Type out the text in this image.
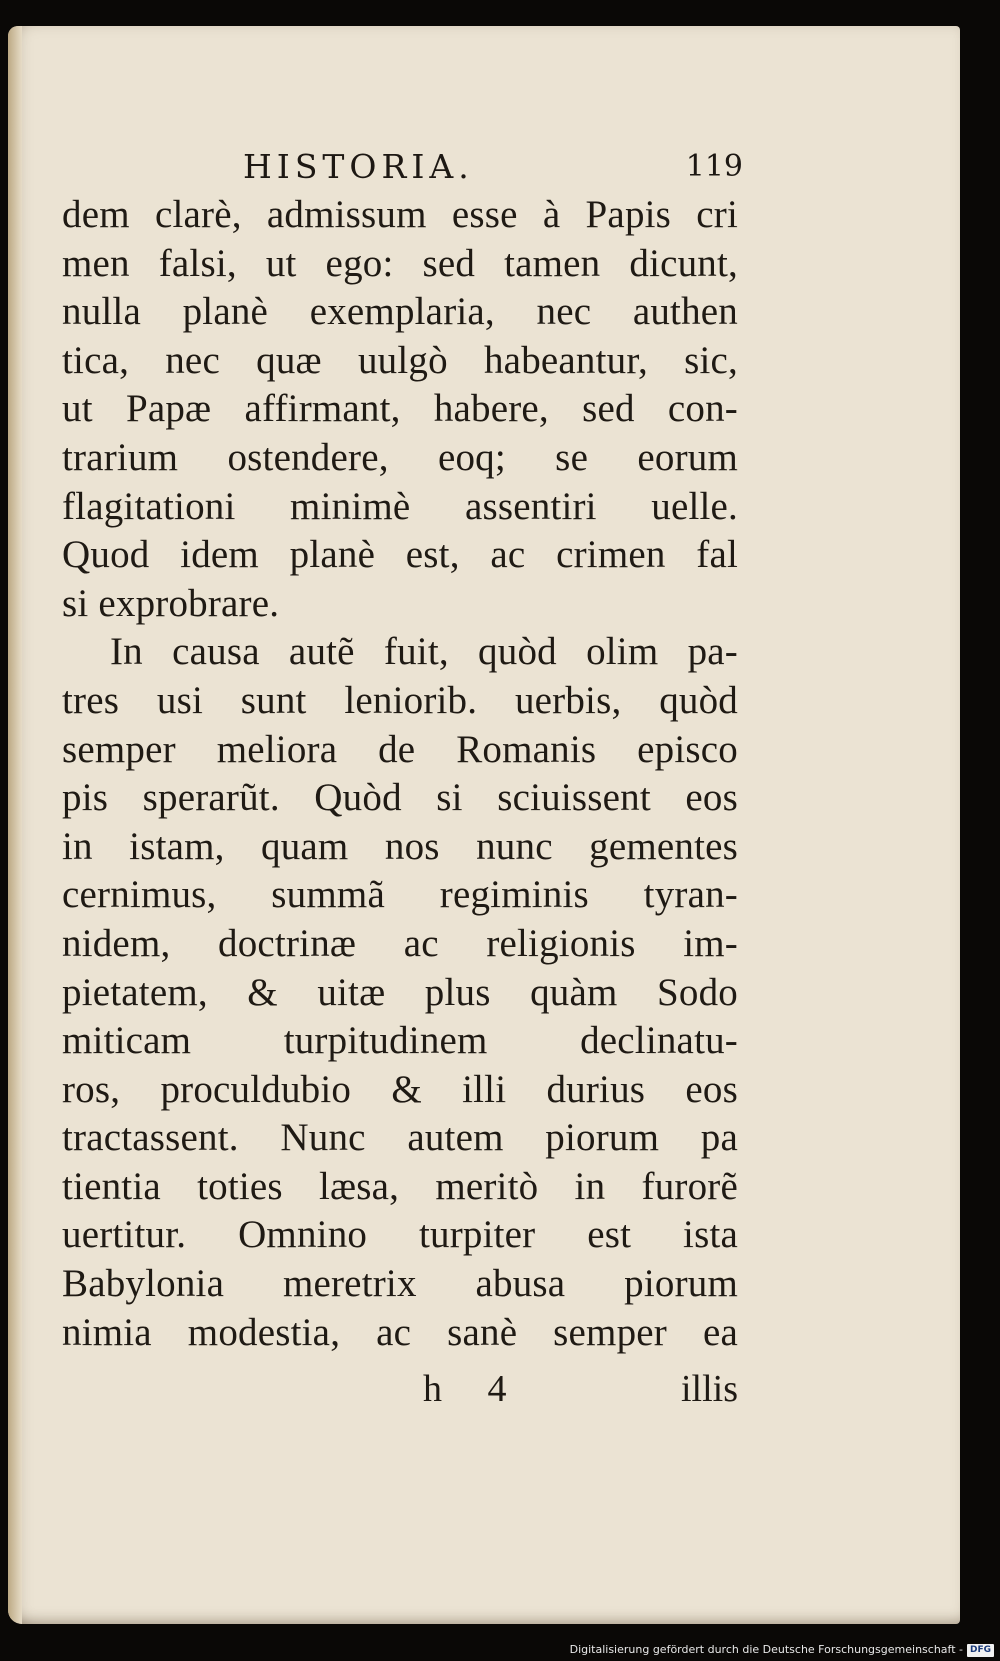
HISTORIA.	119
dem clarè, admissum esse à Papis cri
men falsi, ut ego: sed tamen dicunt,
nulla planè exemplaria, nec authen
tica, nec quæ uulgò habeantur, sic,
ut Papæ affirmant, habere, sed con-
trarium ostendere, eoq; se eorum
flagitationi minimè assentiri uelle.
Quod idem planè est, ac crimen fal
si exprobrare.
In causa autẽ fuit, quòd olim pa-
tres usi sunt leniorib. uerbis, quòd
semper meliora de Romanis episco
pis sperarũt. Quòd si sciuissent eos
in istam, quam nos nunc gementes
cernimus, summã regiminis tyran-
nidem, doctrinæ ac religionis im-
pietatem, & uitæ plus quàm Sodo
miticam turpitudinem declinatu-
ros, proculdubio & illi durius eos
tractassent. Nunc autem piorum pa
tientia toties læsa, meritò in furorẽ
uertitur. Omnino turpiter est ista
Babylonia meretrix abusa piorum
nimia modestia, ac sanè semper ea
h 4	illis
Digitalisierung gefördert durch die Deutsche Forschungsgemeinschaft - DFG
